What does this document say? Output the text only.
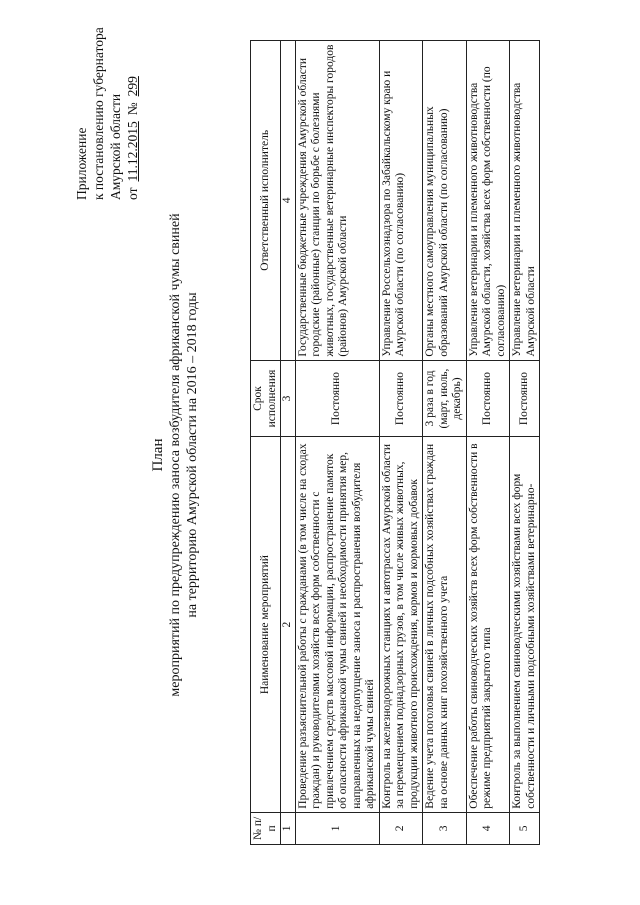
Приложение к постановлению губернатора Амурской области от
11.12.2015
№
299
План мероприятий по предупреждению заноса возбудителя африканской чумы свиней на территорию Амурской области на 2016 – 2018 годы
№ п/п	Наименование мероприятий	Срок исполнения	Ответственный исполнитель
1	2	3	4
1	Проведение разъяснительной работы с гражданами (в том числе на сходах граждан) и руководителями хозяйств всех форм собственности с привлечением средств массовой информации, распространение памяток об опасности африканской чумы свиней и необходимости принятия мер, направленных на недопущение заноса и распространения возбудителя африканской чумы свиней	Постоянно	Государственные бюджетные учреждения Амурской области городские (районные) станции по борьбе с болезнями животных, государственные ветеринарные инспекторы городов (районов) Амурской области
2	Контроль на железнодорожных станциях и автотрассах Амурской области за перемещением поднадзорных грузов, в том числе живых животных, продукции животного происхождения, кормов и кормовых добавок	Постоянно	Управление Россельхознадзора по Забайкальскому краю и Амурской области (по согласованию)
3	Ведение учета поголовья свиней в личных подсобных хозяйствах граждан на основе данных книг похозяйственного учета	3 раза в год (март, июль, декабрь)	Органы местного самоуправления муниципальных образований Амурской области (по согласованию)
4	Обеспечение работы свиноводческих хозяйств всех форм собственности в режиме предприятий закрытого типа	Постоянно	Управление ветеринарии и племенного животноводства Амурской области, хозяйства всех форм собственности (по согласованию)
5	Контроль за выполнением свиноводческими хозяйствами всех форм собственности и личными подсобными хозяйствами ветеринарно-	Постоянно	Управление ветеринарии и племенного животноводства Амурской области
